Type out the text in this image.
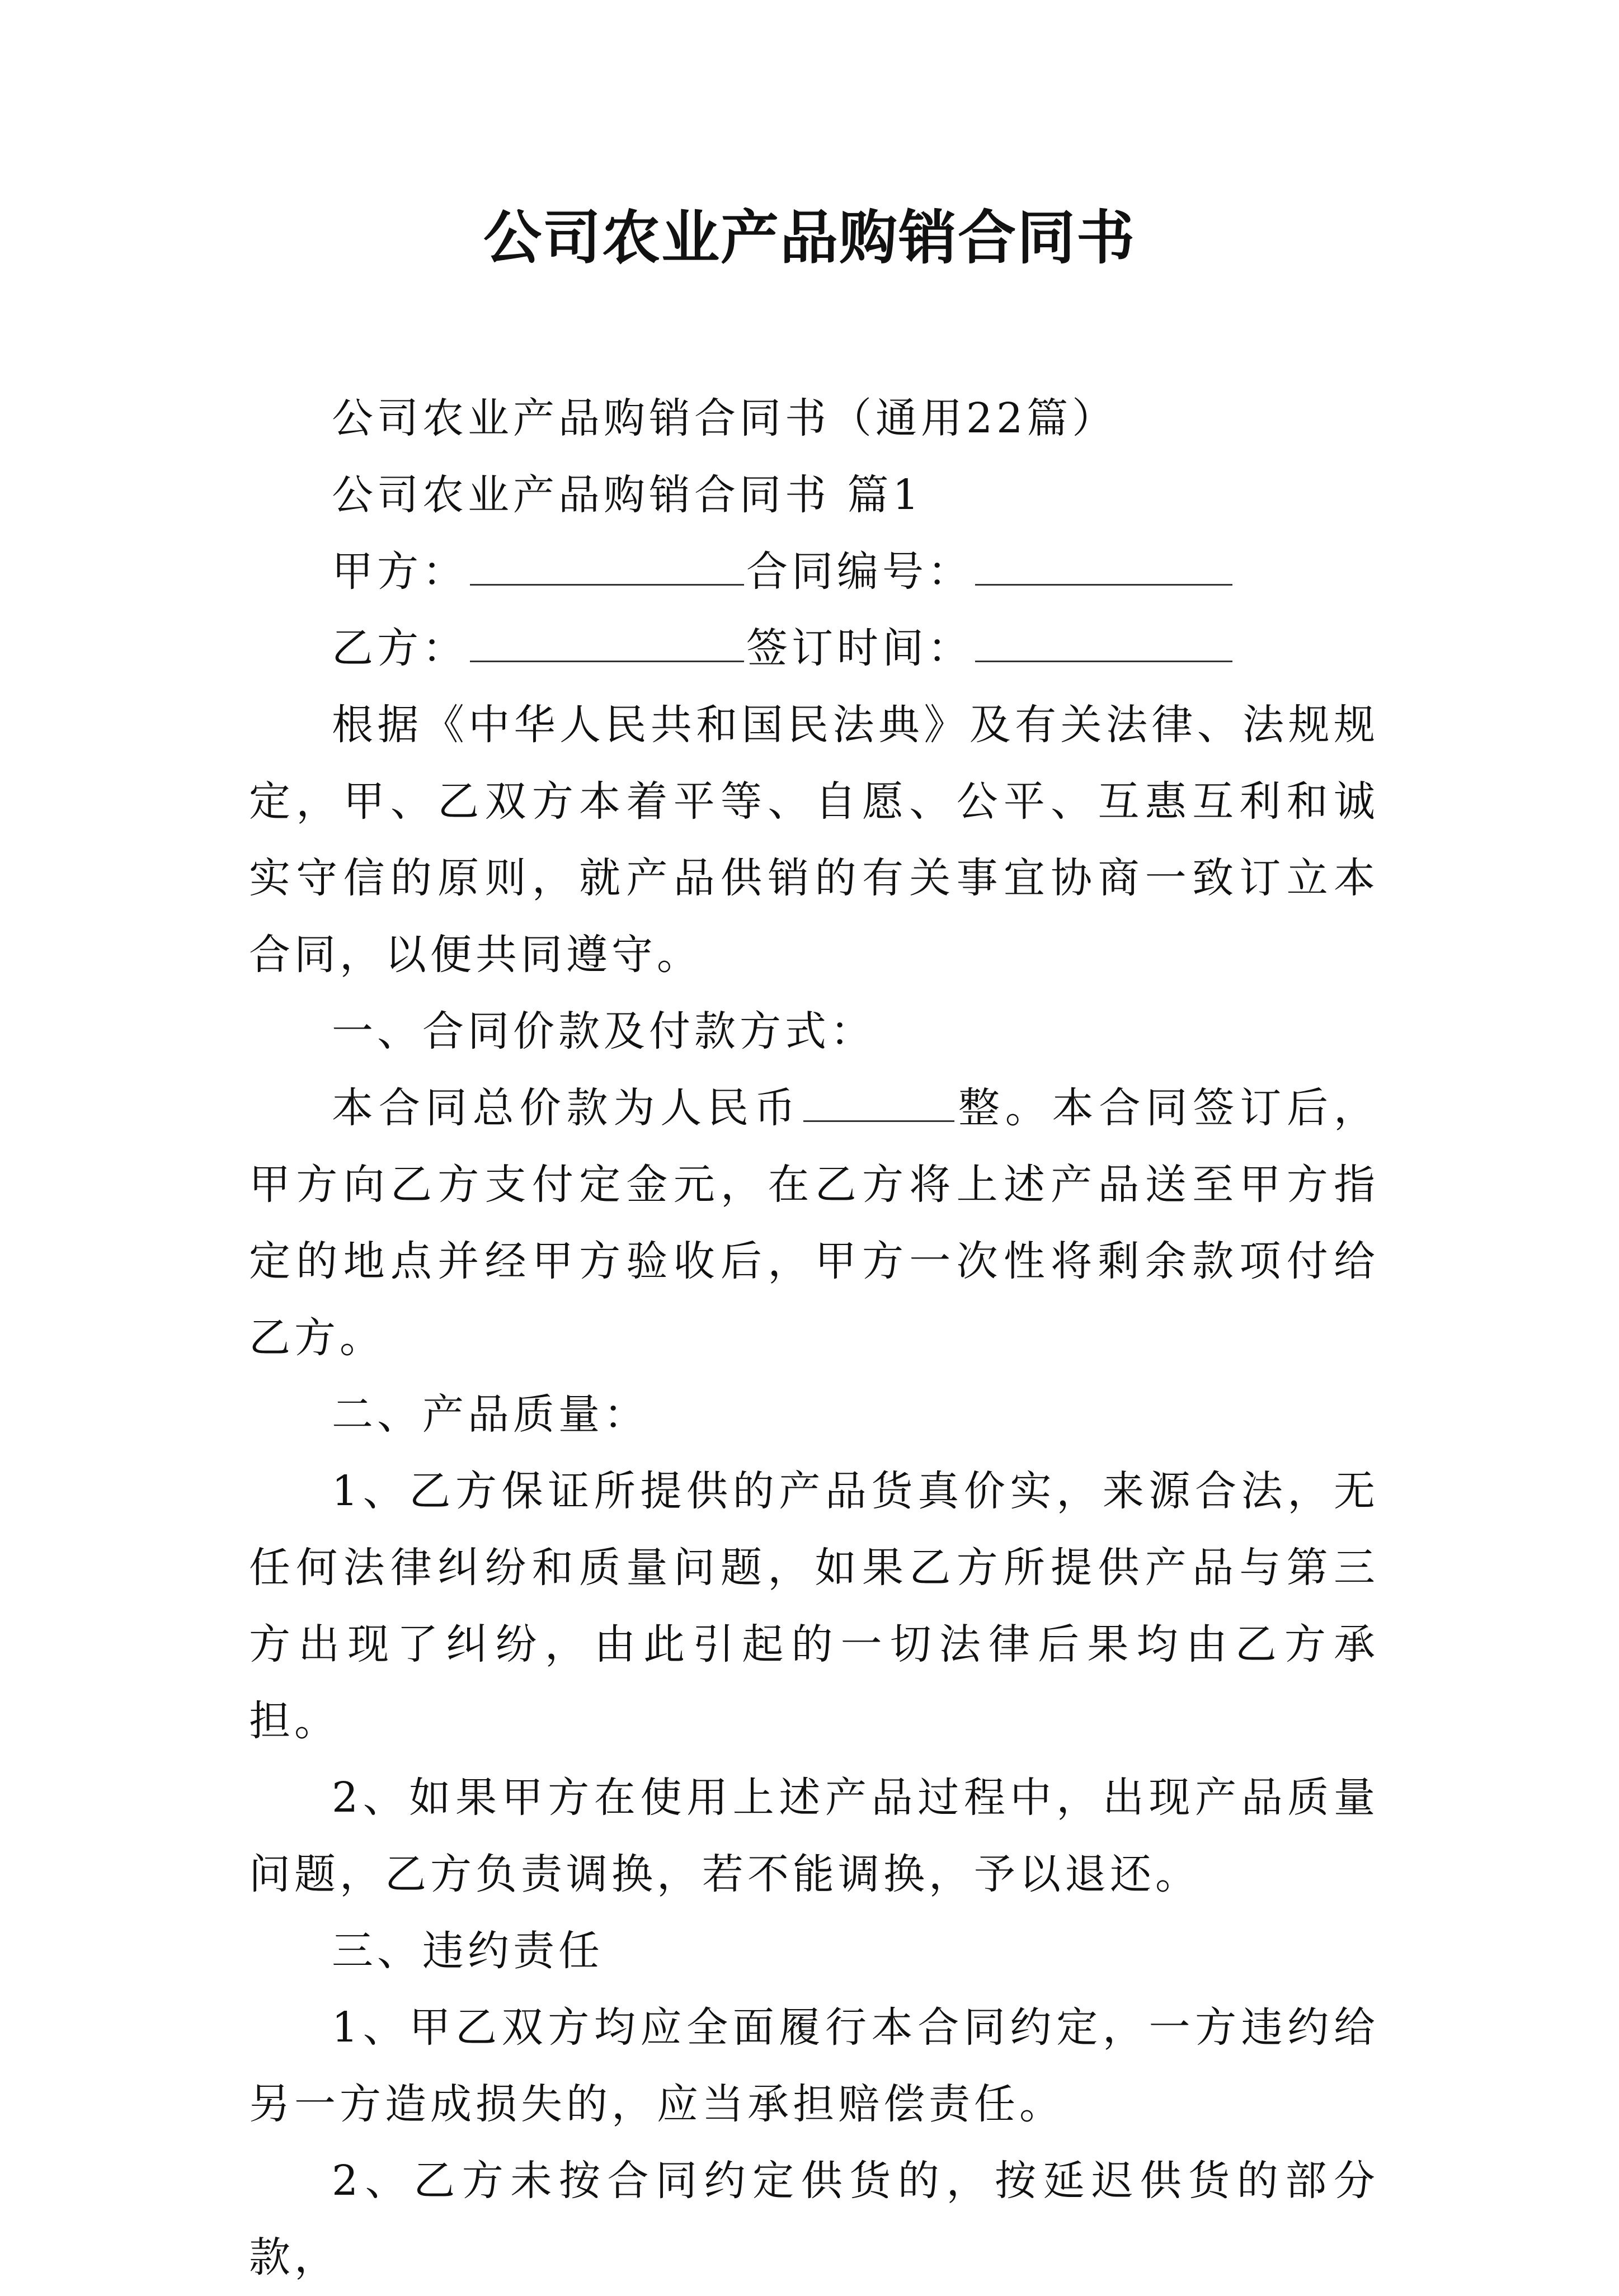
公司农业产品购销合同书

公司农业产品购销合同书（通用22篇）

公司农业产品购销合同书 篇1

甲方：	合同编号：

乙方：	签订时间：

根据《中华人民共和国民法典》及有关法律、法规规定，甲、乙双方本着平等、自愿、公平、互惠互利和诚实守信的原则，就产品供销的有关事宜协商一致订立本合同，以便共同遵守。

一、合同价款及付款方式：

本合同总价款为人民币	整。本合同签订后，甲方向乙方支付定金元，在乙方将上述产品送至甲方指定的地点并经甲方验收后，甲方一次性将剩余款项付给乙方。

二、产品质量：

1、乙方保证所提供的产品货真价实，来源合法，无任何法律纠纷和质量问题，如果乙方所提供产品与第三方出现了纠纷，由此引起的一切法律后果均由乙方承担。

2、如果甲方在使用上述产品过程中，出现产品质量问题，乙方负责调换，若不能调换，予以退还。

三、违约责任

1、甲乙双方均应全面履行本合同约定，一方违约给另一方造成损失的，应当承担赔偿责任。

2、乙方未按合同约定供货的，按延迟供货的部分款，
